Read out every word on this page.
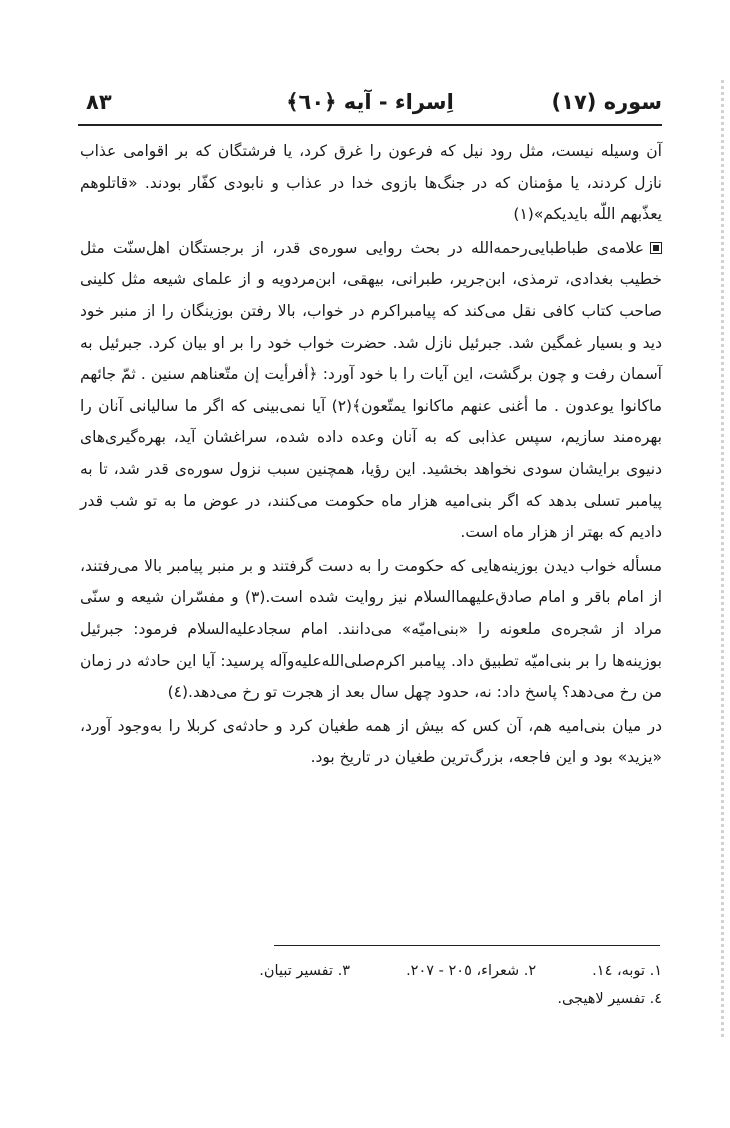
سوره (١٧)
اِسراء - آیه ﴿٦٠﴾
٨٣

آن وسیله نیست، مثل رود نیل که فرعون را غرق کرد، یا فرشتگان که بر اقوامی عذاب نازل کردند، یا مؤمنان که در جنگ‌ها بازوی خدا در عذاب و نابودی کفّار بودند. «قاتلوهم یعذّبهم اللّه بایدیکم»(١)

علامه‌ی طباطبایی‌رحمه‌الله در بحث روایی سوره‌ی قدر، از برجستگان اهل‌سنّت مثل خطیب بغدادی، ترمذی، ابن‌جریر، طبرانی، بیهقی، ابن‌مردویه و از علمای شیعه مثل کلینی صاحب کتاب کافی نقل می‌کند که پیامبراکرم در خواب، بالا رفتن بوزینگان را از منبر خود دید و بسیار غمگین شد. جبرئیل نازل شد. حضرت خواب خود را بر او بیان کرد. جبرئیل به آسمان رفت و چون برگشت، این آیات را با خود آورد: ﴿أفرأیت إن متّعناهم سنین . ثمّ جائهم ماکانوا یوعدون . ما أغنی عنهم ماکانوا یمتّعون﴾(٢) آیا نمی‌بینی که اگر ما سالیانی آنان را بهره‌مند سازیم، سپس عذابی که به آنان وعده داده شده، سراغشان آید، بهره‌گیری‌های دنیوی برایشان سودی نخواهد بخشید. این رؤیا، همچنین سبب نزول سوره‌ی قدر شد، تا به پیامبر تسلی بدهد که اگر بنی‌امیه هزار ماه حکومت می‌کنند، در عوض ما به تو شب قدر دادیم که بهتر از هزار ماه است.

مسأله خواب دیدن بوزینه‌هایی که حکومت را به دست گرفتند و بر منبر پیامبر بالا می‌رفتند، از امام باقر و امام صادق‌علیهماالسلام نیز روایت شده است.(٣) و مفسّران شیعه و سنّی مراد از شجره‌ی ملعونه را «بنی‌امیّه» می‌دانند. امام سجادعلیه‌السلام فرمود: جبرئیل بوزینه‌ها را بر بنی‌امیّه تطبیق داد. پیامبر اکرم‌صلی‌الله‌علیه‌وآله پرسید: آیا این حادثه در زمان من رخ می‌دهد؟ پاسخ داد: نه، حدود چهل سال بعد از هجرت تو رخ می‌دهد.(٤)

در میان بنی‌امیه هم، آن کس که بیش از همه طغیان کرد و حادثه‌ی کربلا را به‌وجود آورد، «یزید» بود و این فاجعه، بزرگ‌ترین طغیان در تاریخ بود.

١. توبه، ١٤.
٢. شعراء، ٢٠٥ - ٢٠٧.
٣. تفسیر تبیان.
٤. تفسیر لاهیجی.
